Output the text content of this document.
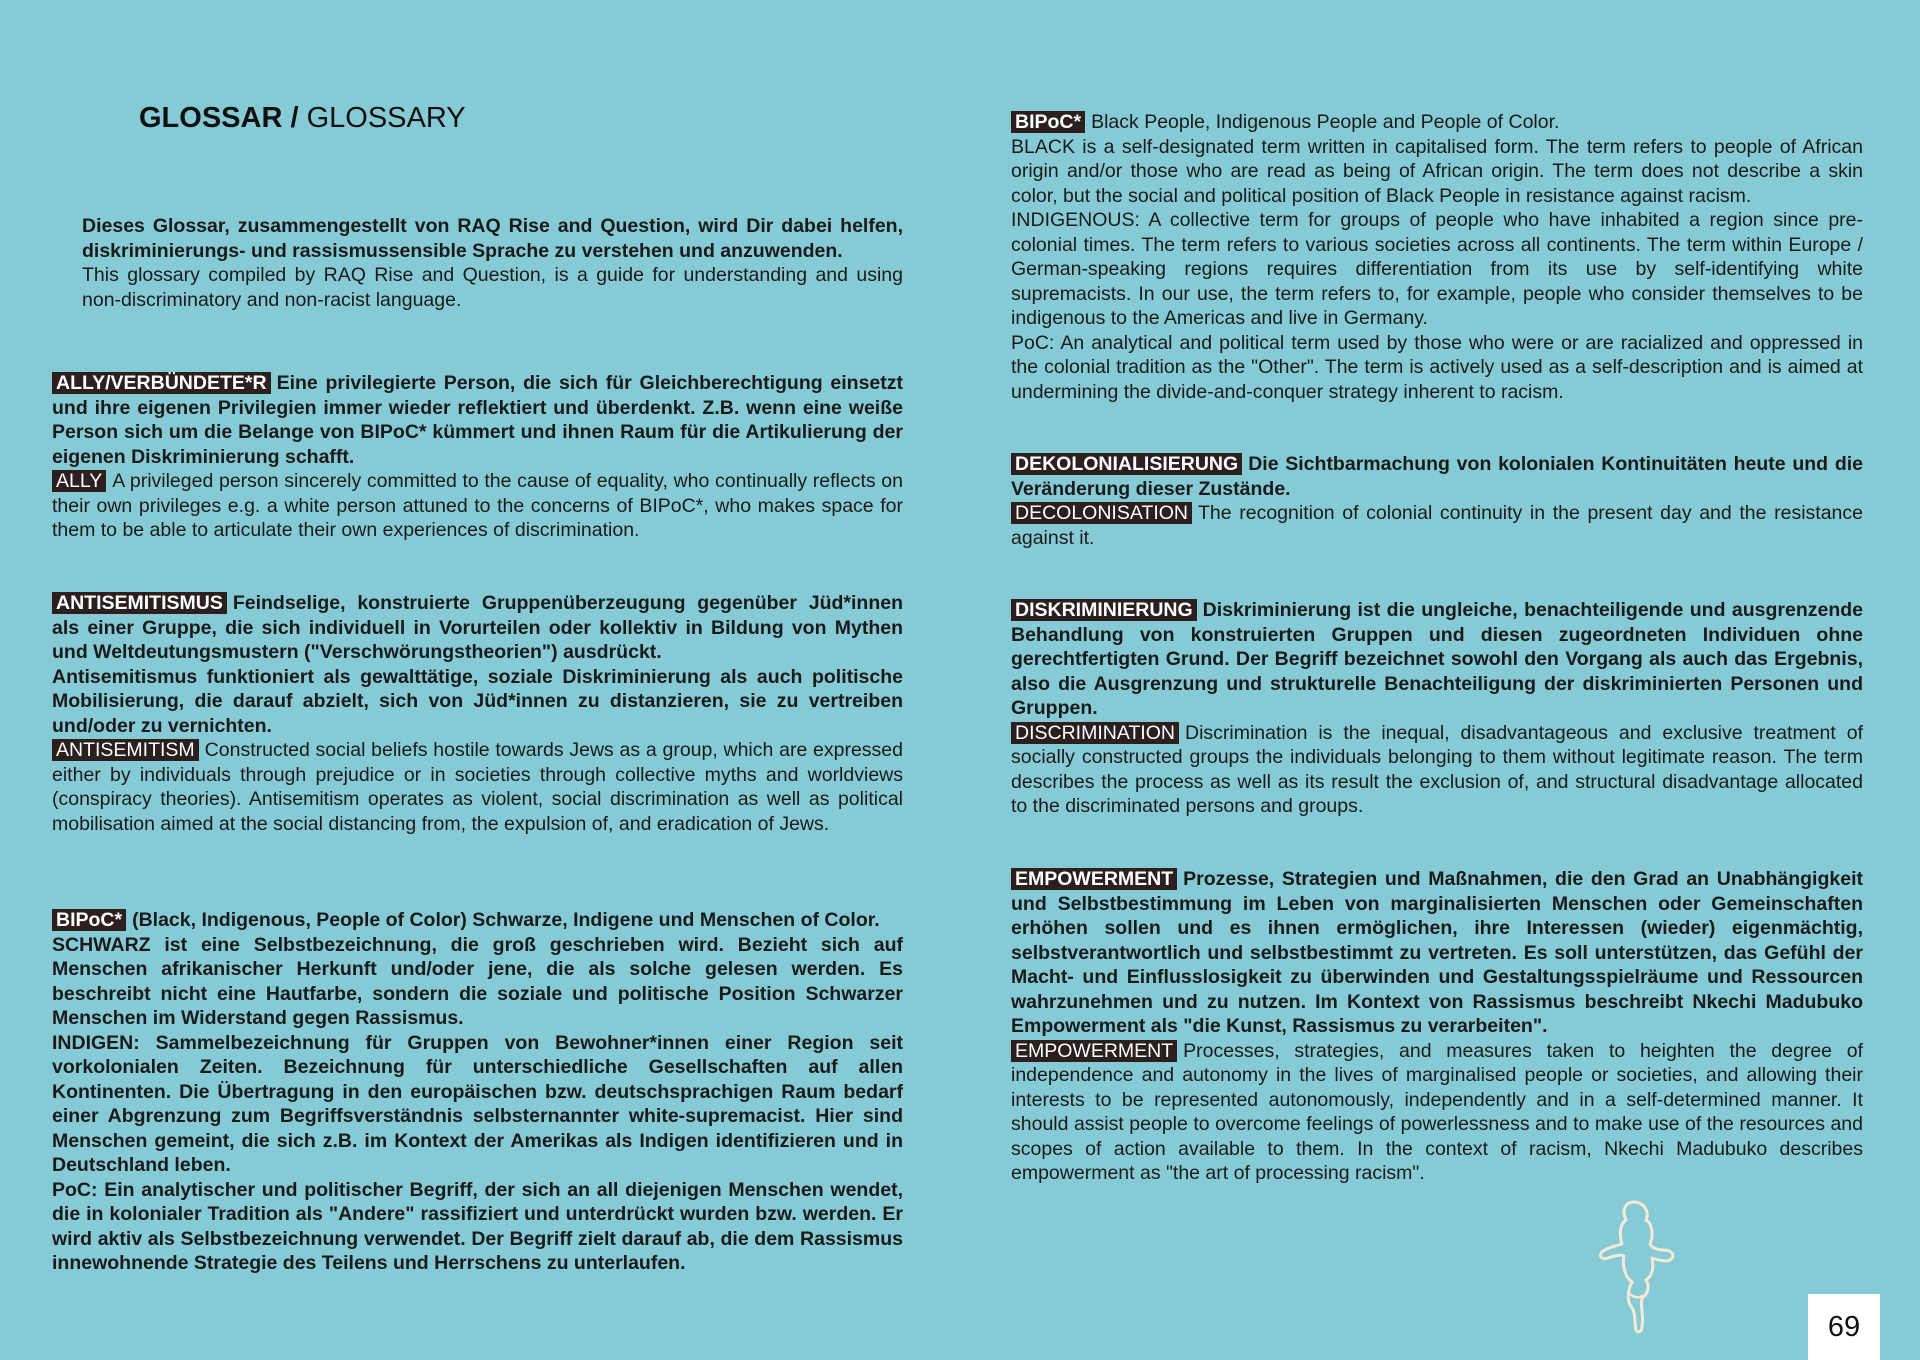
GLOSSAR / GLOSSARY

Dieses Glossar, zusammengestellt von RAQ Rise and Question, wird Dir dabei helfen, diskriminierungs- und rassismussensible Sprache zu verstehen und anzuwenden.

This glossary compiled by RAQ Rise and Question, is a guide for understanding and using non-discriminatory and non-racist language.

ALLY/VERBÜNDETE*R Eine privilegierte Person, die sich für Gleichberechtigung einsetzt und ihre eigenen Privilegien immer wieder reflektiert und überdenkt. Z.B. wenn eine weiße Person sich um die Belange von BIPoC* kümmert und ihnen Raum für die Artikulierung der eigenen Diskriminierung schafft.

ALLY A privileged person sincerely committed to the cause of equality, who continually reflects on their own privileges e.g. a white person attuned to the concerns of BIPoC*, who makes space for them to be able to articulate their own experiences of discrimination.

ANTISEMITISMUS Feindselige, konstruierte Gruppenüberzeugung gegenüber Jüd*innen als einer Gruppe, die sich individuell in Vorurteilen oder kollektiv in Bildung von Mythen und Weltdeutungsmustern ("Verschwörungstheorien") ausdrückt.

Antisemitismus funktioniert als gewalttätige, soziale Diskriminierung als auch politische Mobilisierung, die darauf abzielt, sich von Jüd*innen zu distanzieren, sie zu vertreiben und/oder zu vernichten.

ANTISEMITISM Constructed social beliefs hostile towards Jews as a group, which are expressed either by individuals through prejudice or in societies through collective myths and worldviews (conspiracy theories). Antisemitism operates as violent, social discrimination as well as political mobilisation aimed at the social distancing from, the expulsion of, and eradication of Jews.

BIPoC* (Black, Indigenous, People of Color) Schwarze, Indigene und Menschen of Color.

SCHWARZ ist eine Selbstbezeichnung, die groß geschrieben wird. Bezieht sich auf Menschen afrikanischer Herkunft und/oder jene, die als solche gelesen werden. Es beschreibt nicht eine Hautfarbe, sondern die soziale und politische Position Schwarzer Menschen im Widerstand gegen Rassismus.

INDIGEN: Sammelbezeichnung für Gruppen von Bewohner*innen einer Region seit vorkolonialen Zeiten. Bezeichnung für unterschiedliche Gesellschaften auf allen Kontinenten. Die Übertragung in den europäischen bzw. deutschsprachigen Raum bedarf einer Abgrenzung zum Begriffsverständnis selbsternannter white-supremacist. Hier sind Menschen gemeint, die sich z.B. im Kontext der Amerikas als Indigen identifizieren und in Deutschland leben.

PoC: Ein analytischer und politischer Begriff, der sich an all diejenigen Menschen wendet, die in kolonialer Tradition als "Andere" rassifiziert und unterdrückt wurden bzw. werden. Er wird aktiv als Selbstbezeichnung verwendet. Der Begriff zielt darauf ab, die dem Rassismus innewohnende Strategie des Teilens und Herrschens zu unterlaufen.

BIPoC* Black People, Indigenous People and People of Color.

BLACK is a self-designated term written in capitalised form. The term refers to people of African origin and/or those who are read as being of African origin. The term does not describe a skin color, but the social and political position of Black People in resistance against racism.

INDIGENOUS: A collective term for groups of people who have inhabited a region since pre-colonial times. The term refers to various societies across all continents. The term within Europe / German-speaking regions requires differentiation from its use by self-identifying white supremacists. In our use, the term refers to, for example, people who consider themselves to be indigenous to the Americas and live in Germany.

PoC: An analytical and political term used by those who were or are racialized and oppressed in the colonial tradition as the "Other". The term is actively used as a self-description and is aimed at undermining the divide-and-conquer strategy inherent to racism.

DEKOLONIALISIERUNG Die Sichtbarmachung von kolonialen Kontinuitäten heute und die Veränderung dieser Zustände.

DECOLONISATION The recognition of colonial continuity in the present day and the resistance against it.

DISKRIMINIERUNG Diskriminierung ist die ungleiche, benachteiligende und ausgrenzende Behandlung von konstruierten Gruppen und diesen zugeordneten Individuen ohne gerechtfertigten Grund. Der Begriff bezeichnet sowohl den Vorgang als auch das Ergebnis, also die Ausgrenzung und strukturelle Benachteiligung der diskriminierten Personen und Gruppen.

DISCRIMINATION Discrimination is the inequal, disadvantageous and exclusive treatment of socially constructed groups the individuals belonging to them without legitimate reason. The term describes the process as well as its result the exclusion of, and structural disadvantage allocated to the discriminated persons and groups.

EMPOWERMENT Prozesse, Strategien und Maßnahmen, die den Grad an Unabhängigkeit und Selbstbestimmung im Leben von marginalisierten Menschen oder Gemeinschaften erhöhen sollen und es ihnen ermöglichen, ihre Interessen (wieder) eigenmächtig, selbstverantwortlich und selbstbestimmt zu vertreten. Es soll unterstützen, das Gefühl der Macht- und Einflusslosigkeit zu überwinden und Gestaltungsspielräume und Ressourcen wahrzunehmen und zu nutzen. Im Kontext von Rassismus beschreibt Nkechi Madubuko Empowerment als "die Kunst, Rassismus zu verarbeiten".

EMPOWERMENT Processes, strategies, and measures taken to heighten the degree of independence and autonomy in the lives of marginalised people or societies, and allowing their interests to be represented autonomously, independently and in a self-determined manner. It should assist people to overcome feelings of powerlessness and to make use of the resources and scopes of action available to them. In the context of racism, Nkechi Madubuko describes empowerment as "the art of processing racism".

69
